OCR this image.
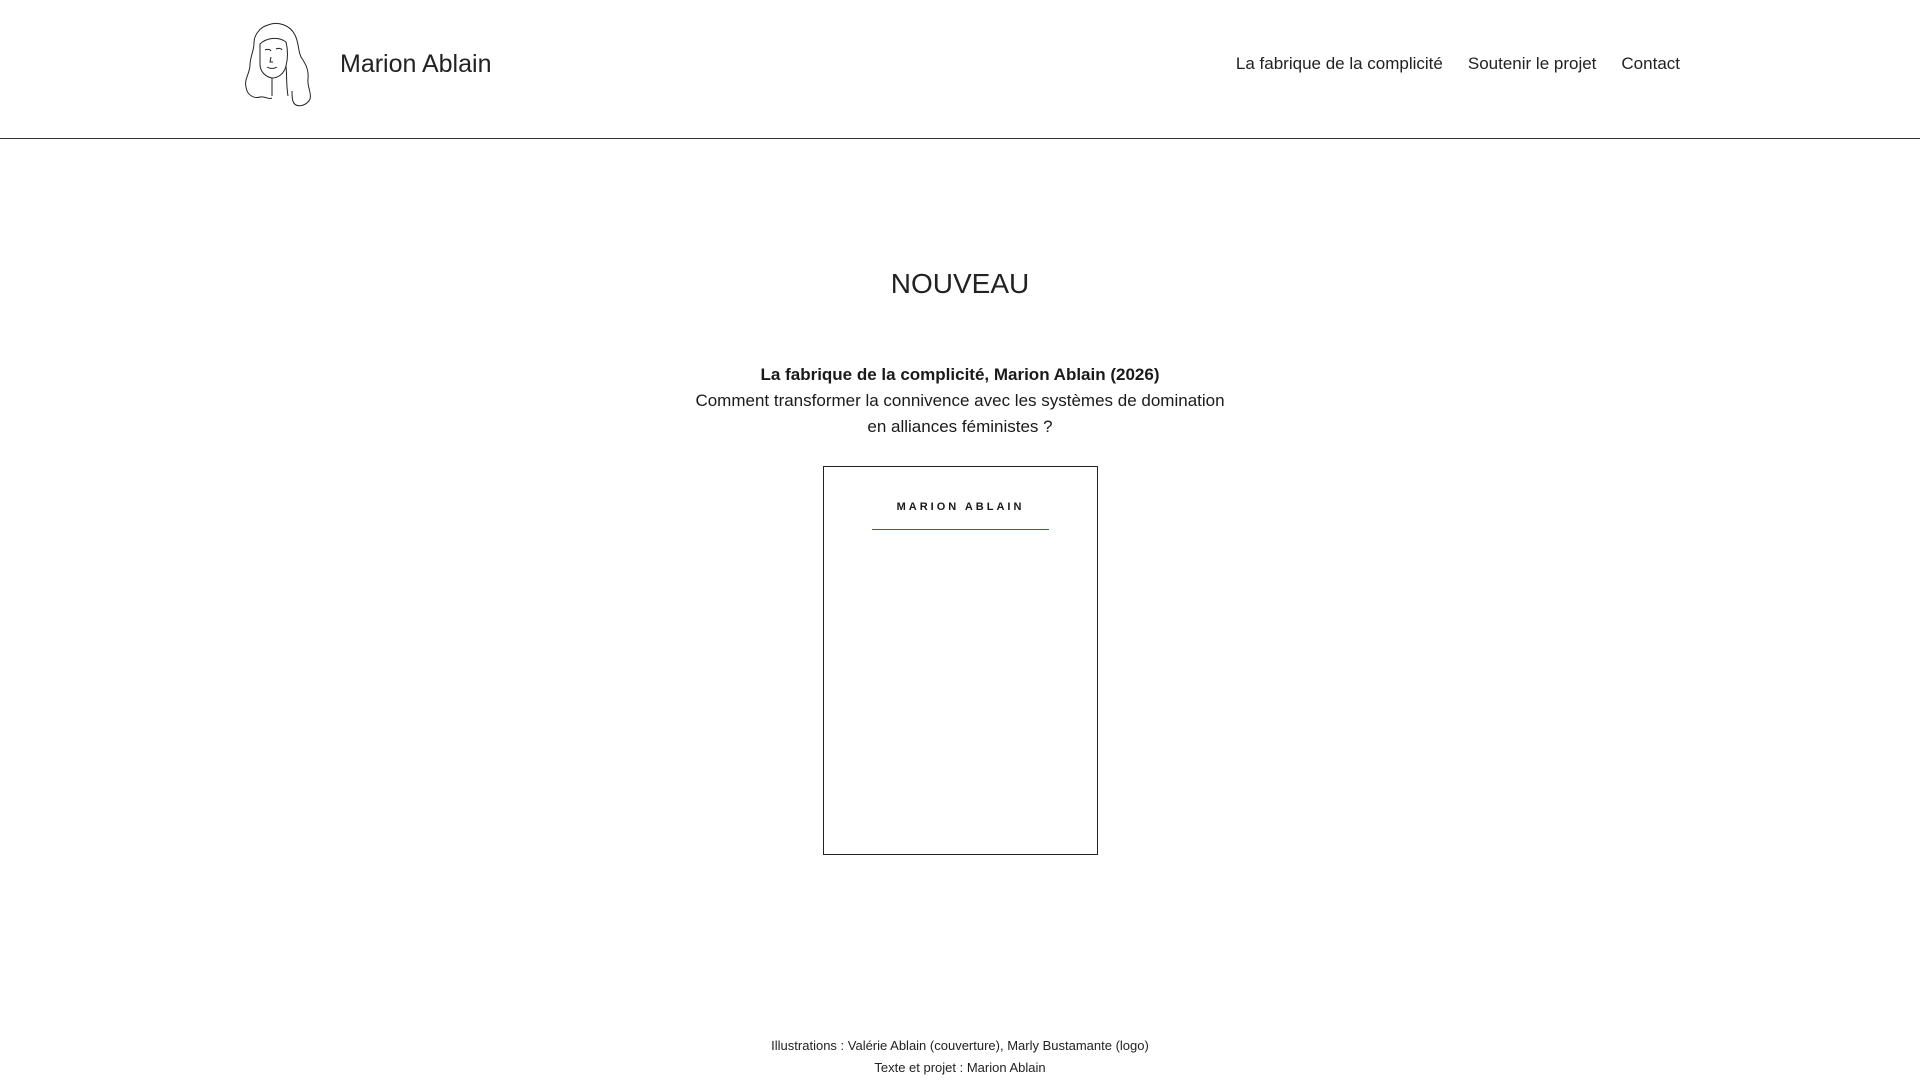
Marion Ablain	La fabrique de la complicité Soutenir le projet Contact
NOUVEAU
La fabrique de la complicité, Marion Ablain (2026)
Comment transformer la connivence avec les systèmes de domination
en alliances féministes ?
MARION ABLAIN
Illustrations : Valérie Ablain (couverture), Marly Bustamante (logo)
Texte et projet : Marion Ablain
